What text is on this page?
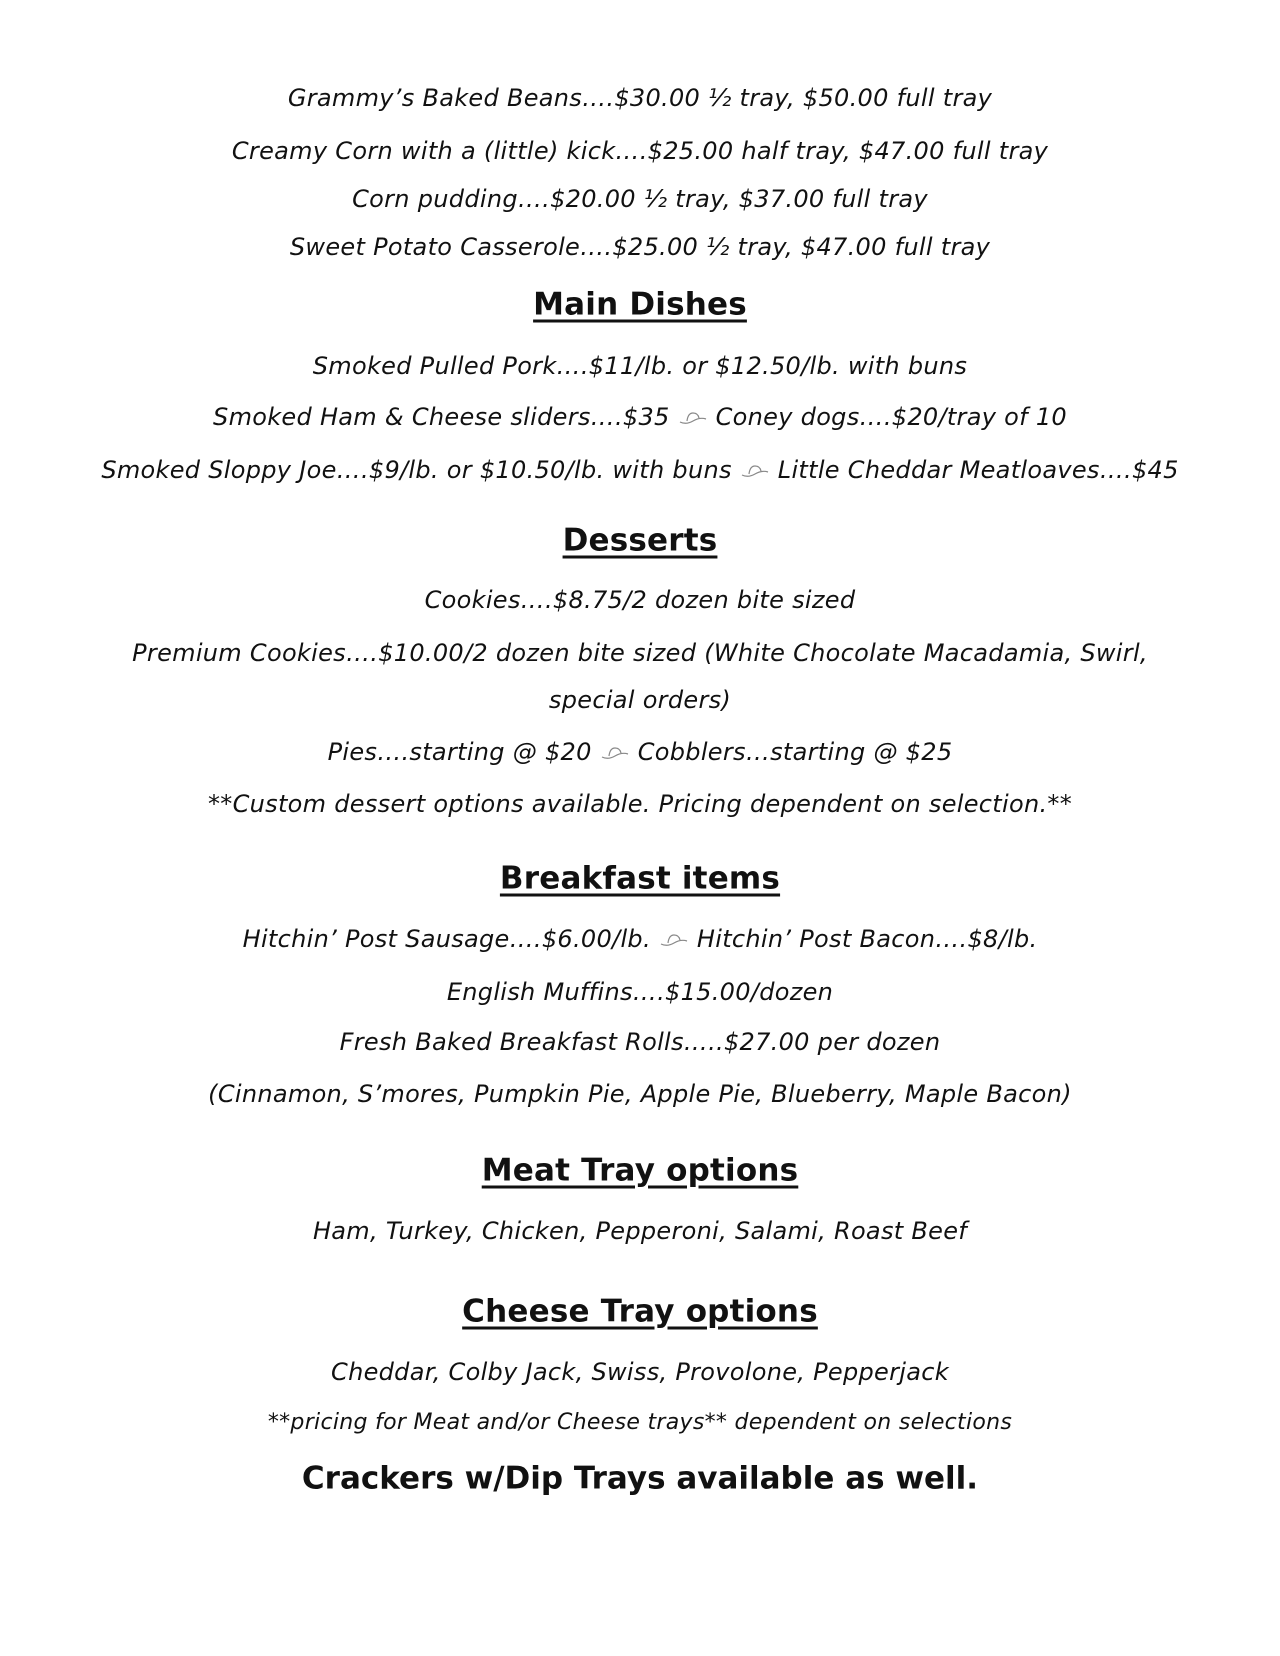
Grammy’s Baked Beans….$30.00 ½ tray, $50.00 full tray
Creamy Corn with a (little) kick….$25.00 half tray, $47.00 full tray
Corn pudding….$20.00 ½ tray, $37.00 full tray
Sweet Potato Casserole….$25.00 ½ tray, $47.00 full tray
Main Dishes
Smoked Pulled Pork….$11/lb. or $12.50/lb. with buns
Smoked Ham & Cheese sliders….$35 Coney dogs….$20/tray of 10
Smoked Sloppy Joe….$9/lb. or $10.50/lb. with buns Little Cheddar Meatloaves….$45
Desserts
Cookies….$8.75/2 dozen bite sized
Premium Cookies….$10.00/2 dozen bite sized (White Chocolate Macadamia, Swirl,
special orders)
Pies….starting @ $20 Cobblers…starting @ $25
**Custom dessert options available. Pricing dependent on selection.**
Breakfast items
Hitchin’ Post Sausage….$6.00/lb. Hitchin’ Post Bacon….$8/lb.
English Muffins….$15.00/dozen
Fresh Baked Breakfast Rolls…..$27.00 per dozen
(Cinnamon, S’mores, Pumpkin Pie, Apple Pie, Blueberry, Maple Bacon)
Meat Tray options
Ham, Turkey, Chicken, Pepperoni, Salami, Roast Beef
Cheese Tray options
Cheddar, Colby Jack, Swiss, Provolone, Pepperjack
**pricing for Meat and/or Cheese trays** dependent on selections
Crackers w/Dip Trays available as well.
